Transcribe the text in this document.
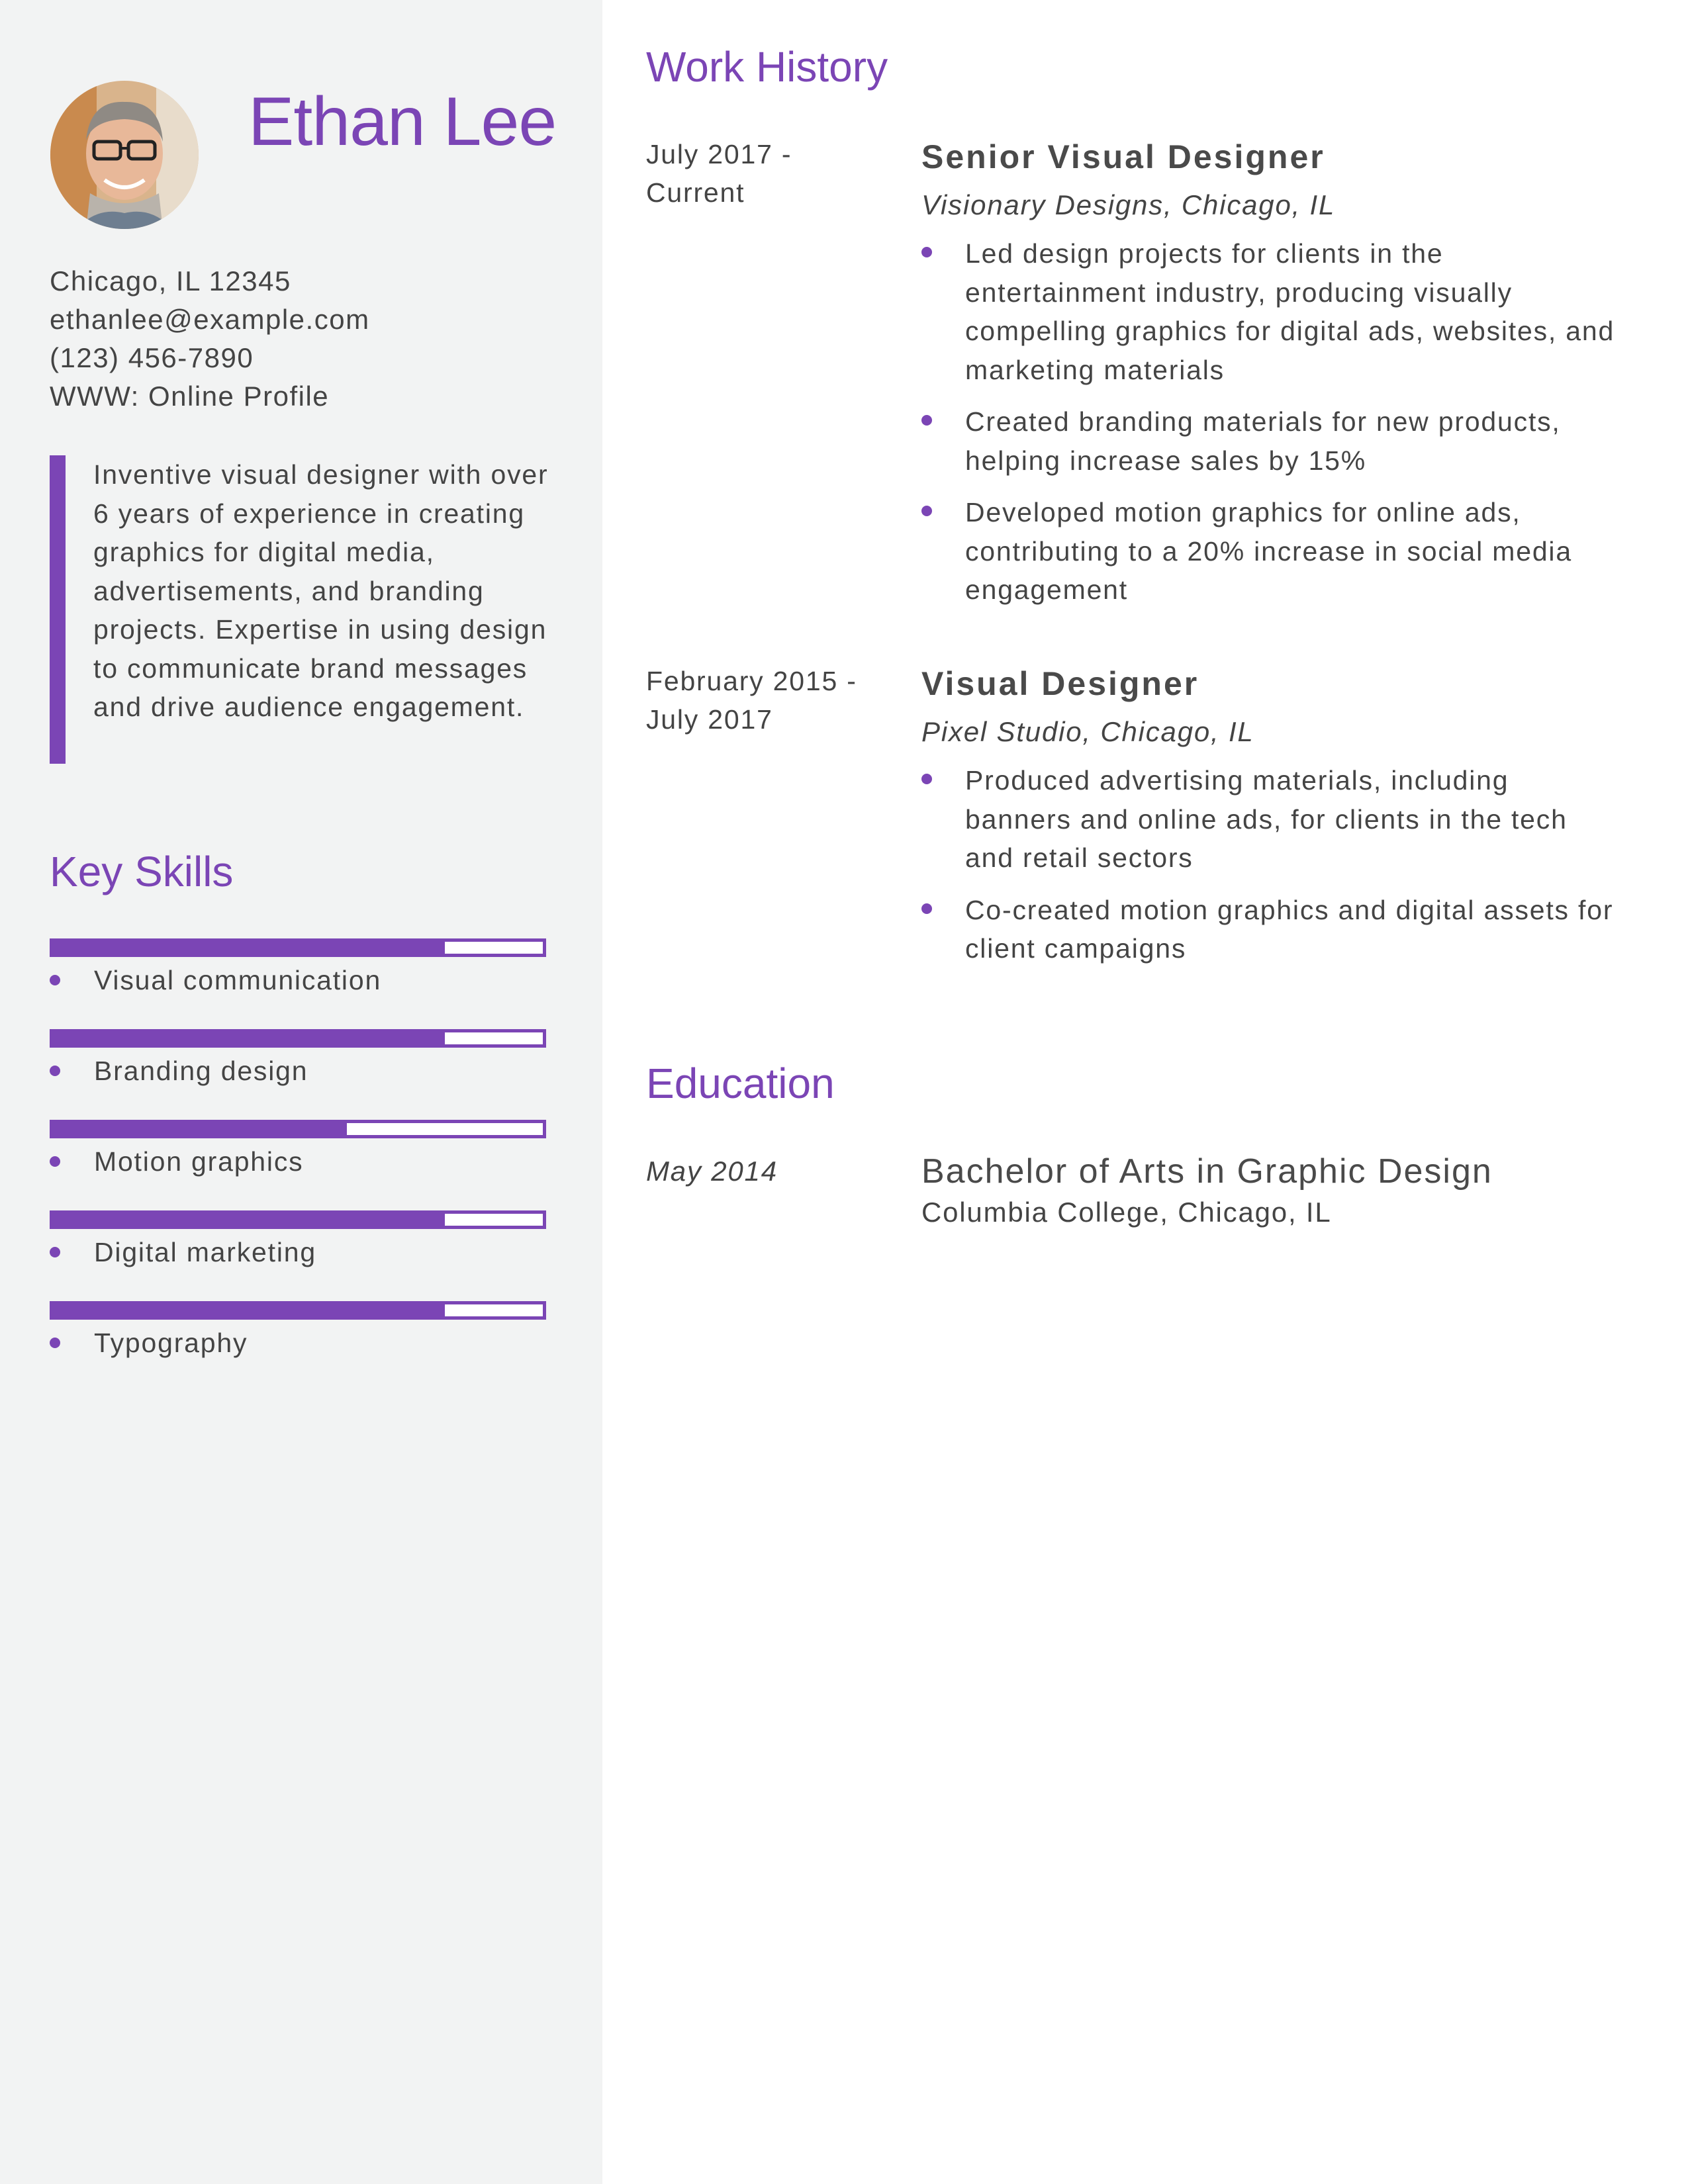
Ethan Lee
Chicago, IL 12345
ethanlee@example.com
(123) 456-7890
WWW: Online Profile
Inventive visual designer with over 6 years of experience in creating graphics for digital media, advertisements, and branding projects. Expertise in using design to communicate brand messages and drive audience engagement.
Key Skills
Visual communication
Branding design
Motion graphics
Digital marketing
Typography
Work History
July 2017 - Current
Senior Visual Designer
Visionary Designs, Chicago, IL
Led design projects for clients in the entertainment industry, producing visually compelling graphics for digital ads, websites, and marketing materials
Created branding materials for new products, helping increase sales by 15%
Developed motion graphics for online ads, contributing to a 20% increase in social media engagement
February 2015 - July 2017
Visual Designer
Pixel Studio, Chicago, IL
Produced advertising materials, including banners and online ads, for clients in the tech and retail sectors
Co-created motion graphics and digital assets for client campaigns
Education
May 2014	Bachelor of Arts in Graphic Design
Columbia College, Chicago, IL
